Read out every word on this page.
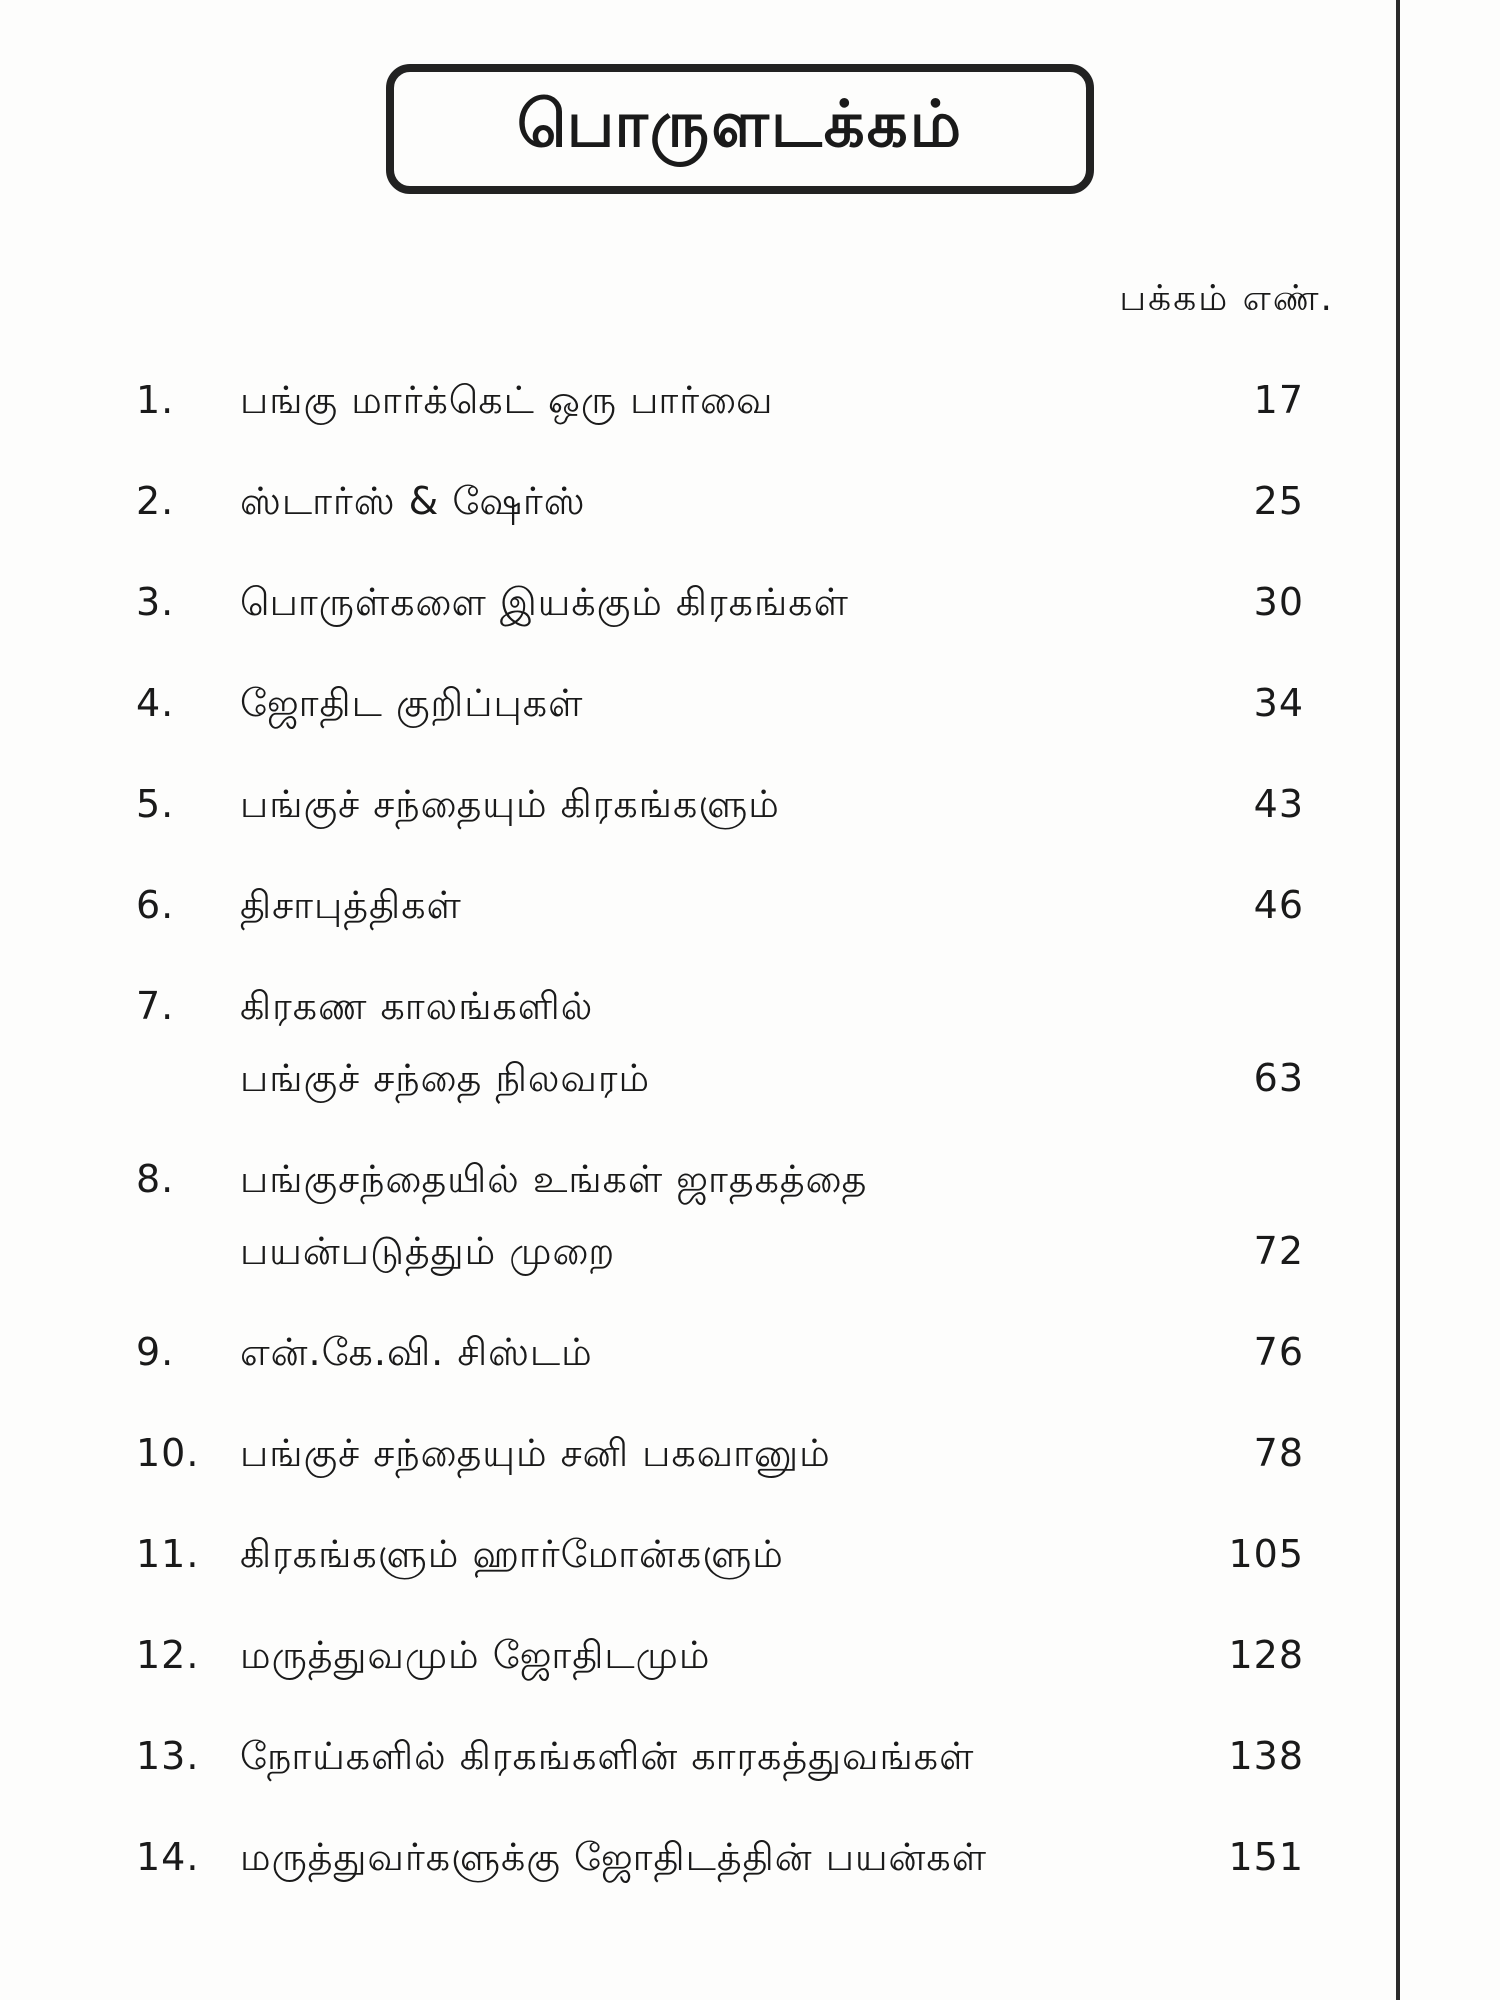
பொருளடக்கம்
பக்கம் எண்.
1. பங்கு மார்க்கெட் ஒரு பார்வை	17
2. ஸ்டார்ஸ் & ஷேர்ஸ்	25
3. பொருள்களை இயக்கும் கிரகங்கள்	30
4. ஜோதிட குறிப்புகள்	34
5. பங்குச் சந்தையும் கிரகங்களும்	43
6. திசாபுத்திகள்	46
7. கிரகண காலங்களில்
பங்குச் சந்தை நிலவரம்	63
8. பங்குசந்தையில் உங்கள் ஜாதகத்தை
பயன்படுத்தும் முறை	72
9. என்.கே.வி. சிஸ்டம்	76
10. பங்குச் சந்தையும் சனி பகவானும்	78
11. கிரகங்களும் ஹார்மோன்களும்	105
12. மருத்துவமும் ஜோதிடமும்	128
13. நோய்களில் கிரகங்களின் காரகத்துவங்கள்	138
14. மருத்துவர்களுக்கு ஜோதிடத்தின் பயன்கள்	151
